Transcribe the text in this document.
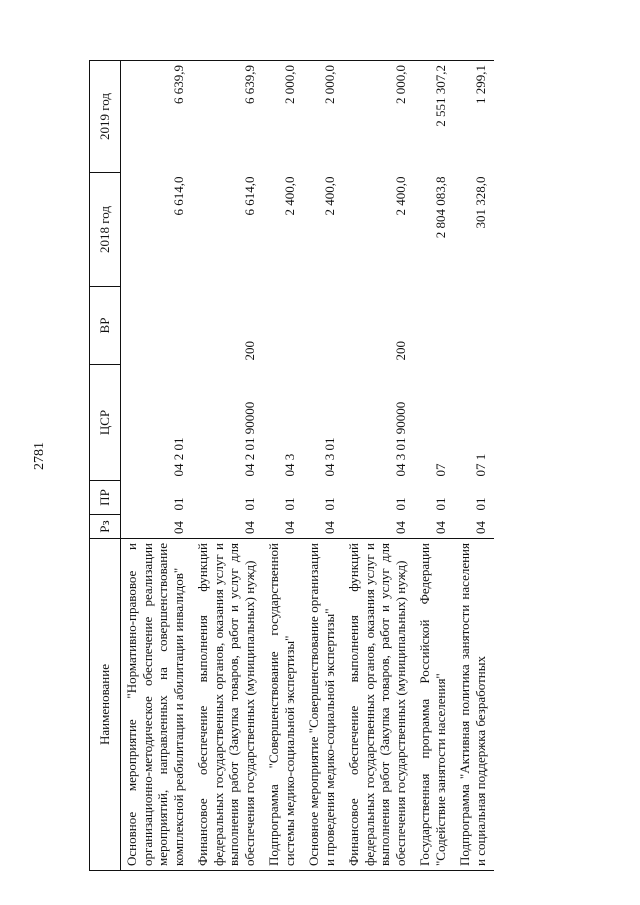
2781
Наименование	Рз	ПР	ЦСР	ВР	2018 год	2019 год
Основное мероприятие "Нормативно-правовое и организационно-методическое обеспечение реализации мероприятий, направленных на совершенствование комплексной реабилитации и абилитации инвалидов"	04	01	04 2 01		6 614,0	6 639,9
Финансовое обеспечение выполнения функций федеральных государственных органов, оказания услуг и выполнения работ (Закупка товаров, работ и услуг для обеспечения государственных (муниципальных) нужд)	04	01	04 2 01 90000	200	6 614,0	6 639,9
Подпрограмма "Совершенствование государственной системы медико-социальной экспертизы"	04	01	04 3		2 400,0	2 000,0
Основное мероприятие "Совершенствование организации и проведения медико-социальной экспертизы"	04	01	04 3 01		2 400,0	2 000,0
Финансовое обеспечение выполнения функций федеральных государственных органов, оказания услуг и выполнения работ (Закупка товаров, работ и услуг для обеспечения государственных (муниципальных) нужд)	04	01	04 3 01 90000	200	2 400,0	2 000,0
Государственная программа Российской Федерации "Содействие занятости населения"	04	01	07		2 804 083,8	2 551 307,2
Подпрограмма "Активная политика занятости населения и социальная поддержка безработных	04	01	07 1		301 328,0	1 299,1
